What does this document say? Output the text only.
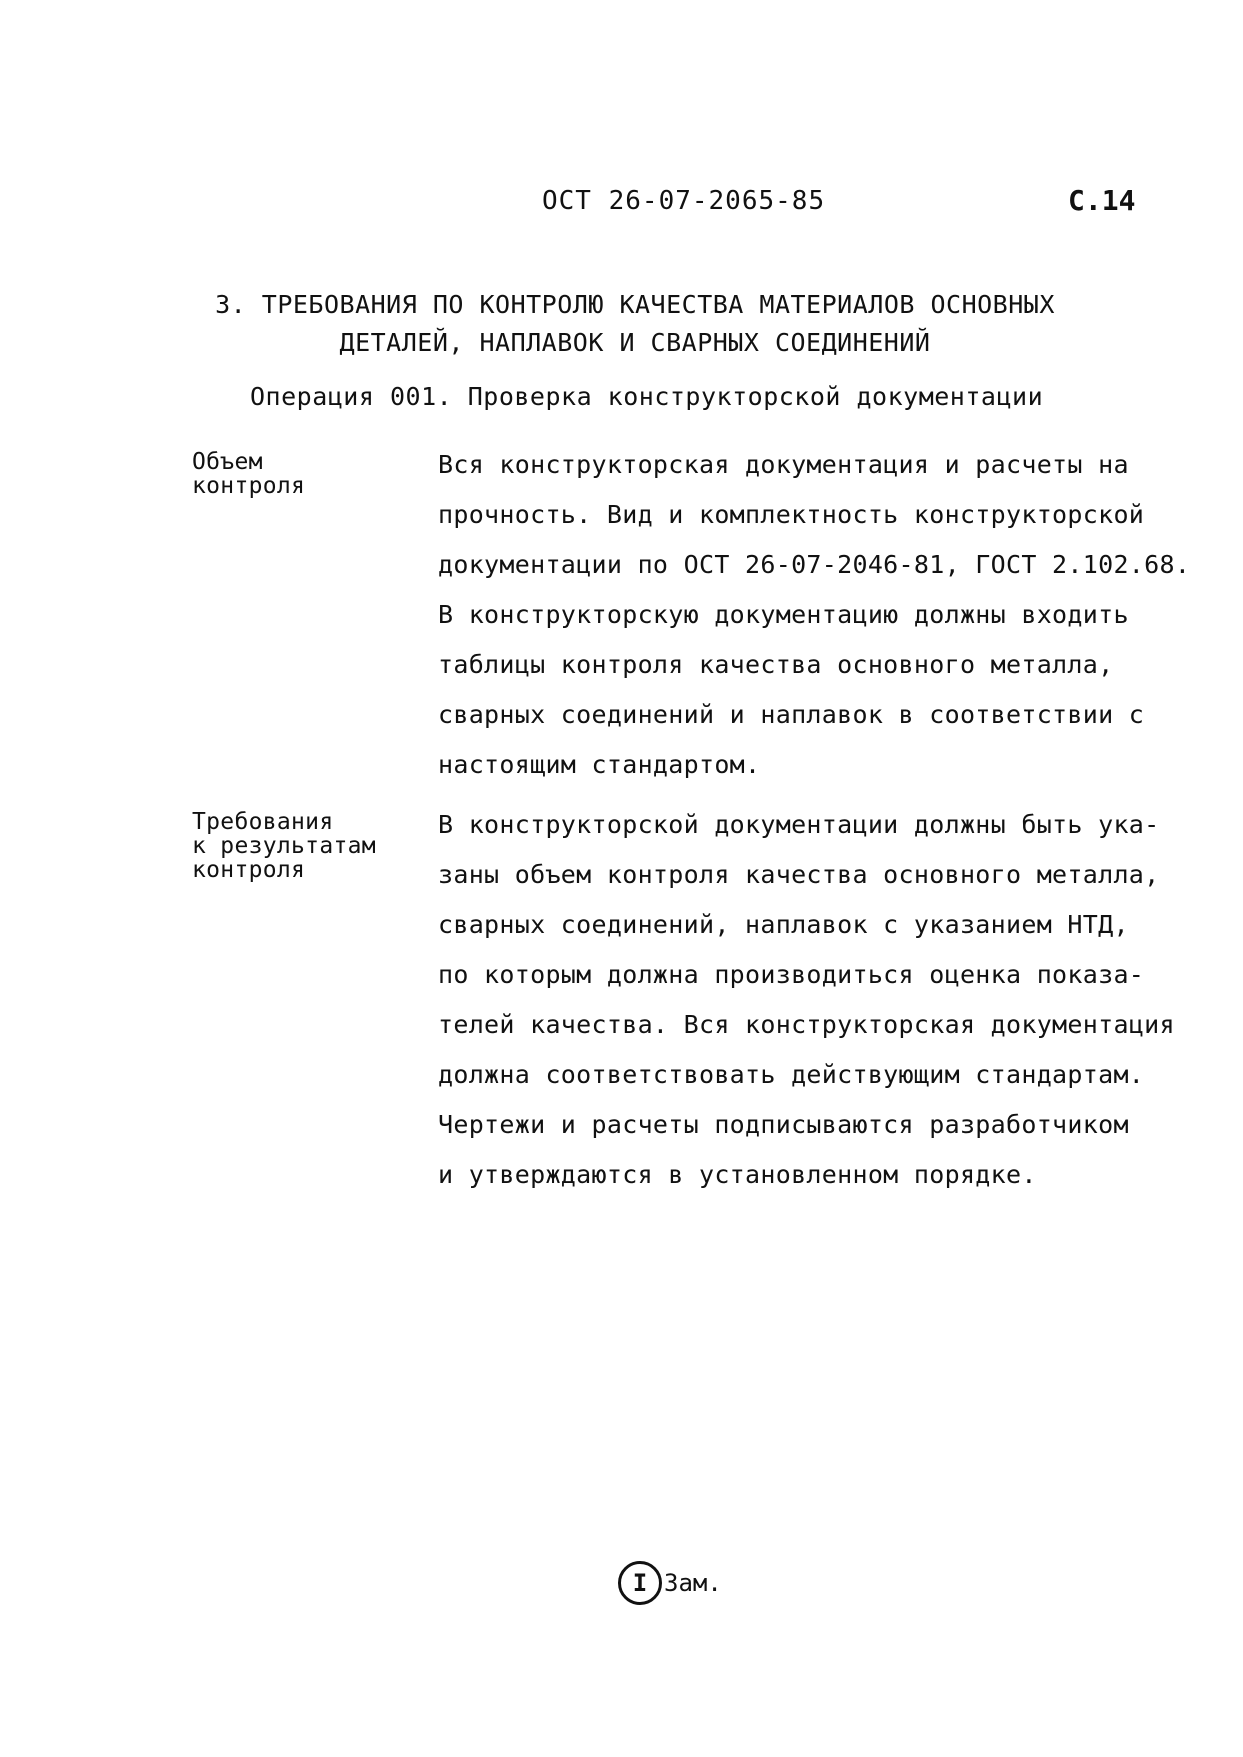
ОСТ 26-07-2065-85	С.14
3. ТРЕБОВАНИЯ ПО КОНТРОЛЮ КАЧЕСТВА МАТЕРИАЛОВ ОСНОВНЫХ
ДЕТАЛЕЙ, НАПЛАВОК И СВАРНЫХ СОЕДИНЕНИЙ
Операция 001. Проверка конструкторской документации
Объем
контроля
Вся конструкторская документация и расчеты на
прочность. Вид и комплектность конструкторской
документации по ОСТ 26-07-2046-81, ГОСТ 2.102.68.
В конструкторскую документацию должны входить
таблицы контроля качества основного металла,
сварных соединений и наплавок в соответствии с
настоящим стандартом.
Требования
к результатам
контроля
В конструкторской документации должны быть ука-
заны объем контроля качества основного металла,
сварных соединений, наплавок с указанием НТД,
по которым должна производиться оценка показа-
телей качества. Вся конструкторская документация
должна соответствовать действующим стандартам.
Чертежи и расчеты подписываются разработчиком
и утверждаются в установленном порядке.
I Зам.
